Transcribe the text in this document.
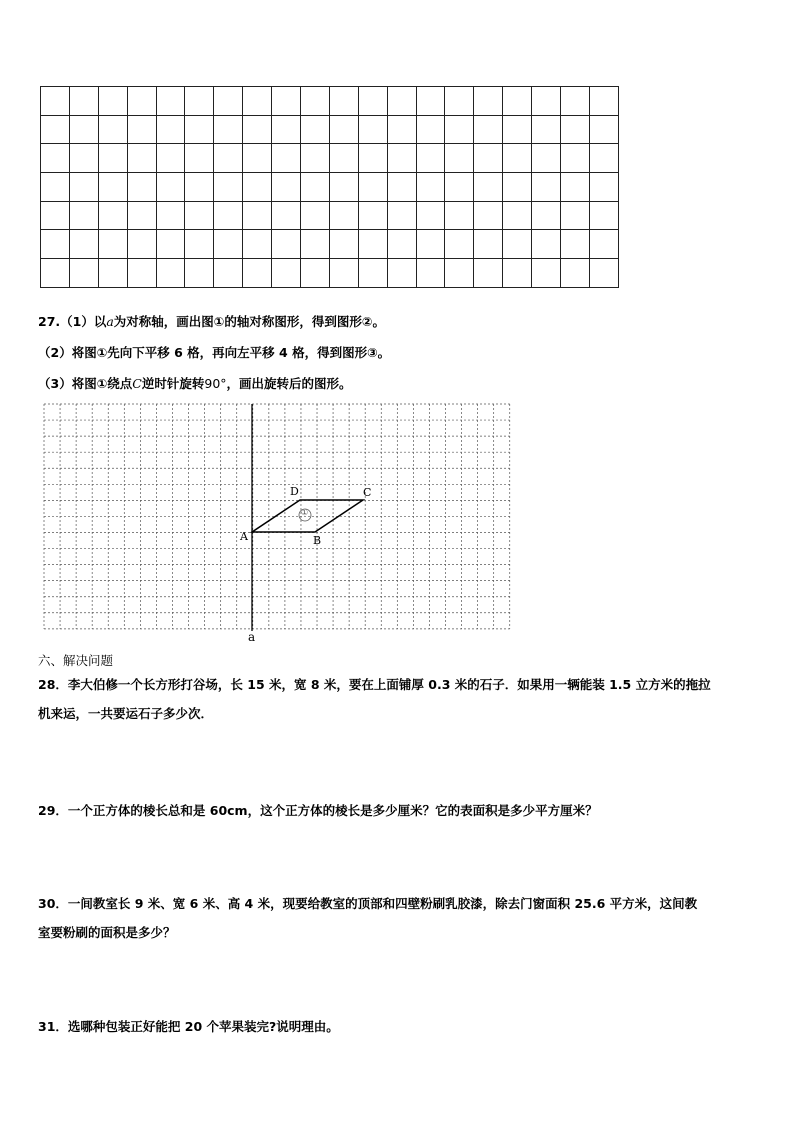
27.（1）以a为对称轴，画出图①的轴对称图形，得到图形②。
（2）将图①先向下平移 6 格，再向左平移 4 格，得到图形③。
（3）将图①绕点C逆时针旋转90°，画出旋转后的图形。
A	B
C
D
①
a
六、解决问题
28．李大伯修一个长方形打谷场，长 15 米，宽 8 米，要在上面铺厚 0.3 米的石子．如果用一辆能装 1.5 立方米的拖拉
机来运，一共要运石子多少次．
29．一个正方体的棱长总和是 60cm，这个正方体的棱长是多少厘米？它的表面积是多少平方厘米？
30．一间教室长 9 米、宽 6 米、高 4 米，现要给教室的顶部和四壁粉刷乳胶漆，除去门窗面积 25.6 平方米，这间教
室要粉刷的面积是多少？
31．选哪种包装正好能把 20 个苹果装完?说明理由。
